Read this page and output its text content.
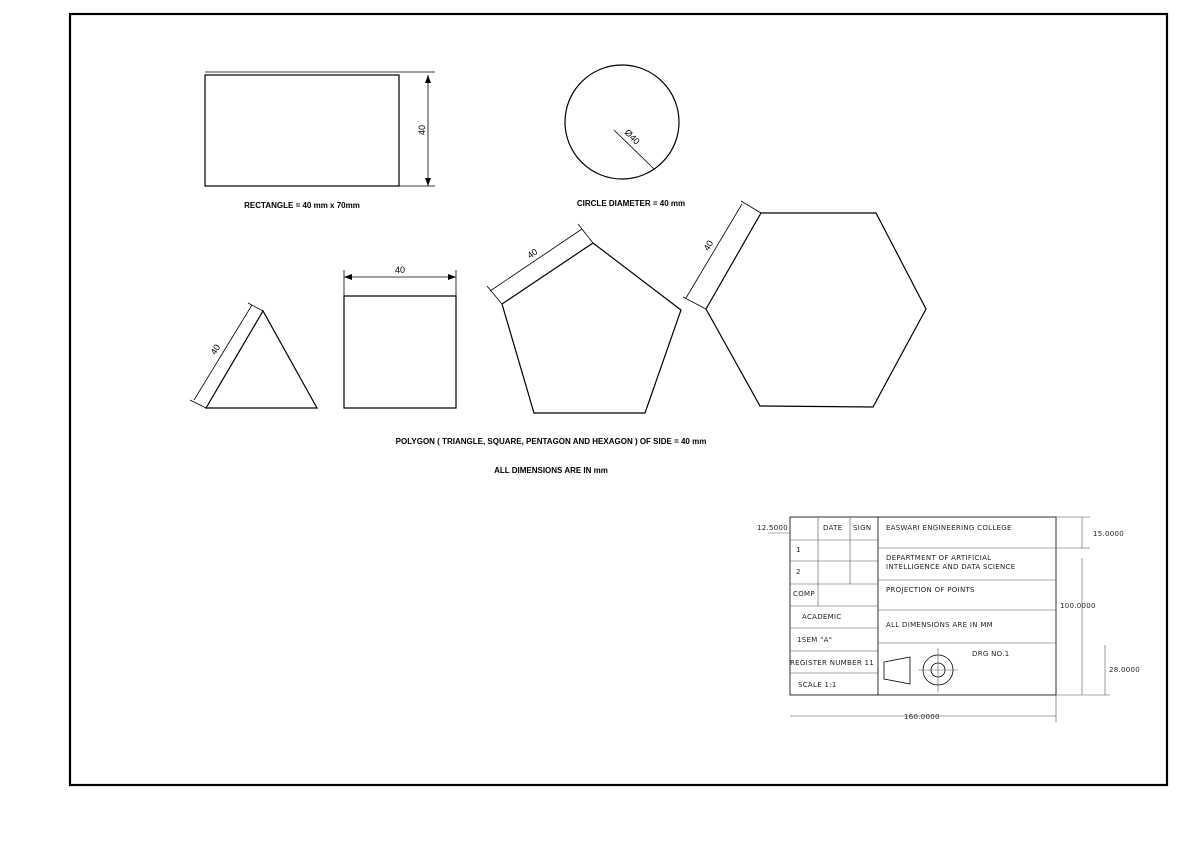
40
RECTANGLE = 40 mm x 70mm
Ø40
CIRCLE DIAMETER = 40 mm
40
40
40
40
POLYGON ( TRIANGLE, SQUARE, PENTAGON AND HEXAGON ) OF SIDE = 40 mm
ALL DIMENSIONS ARE IN mm
12.5000	DATE SIGN
1
2
COMP
ACADEMIC
1SEM "A"
REGISTER NUMBER 11
SCALE 1:1
EASWARI ENGINEERING COLLEGE
DEPARTMENT OF ARTIFICIAL
INTELLIGENCE AND DATA SCIENCE
PROJECTION OF POINTS
ALL DIMENSIONS ARE IN MM
DRG NO.1
15.0000
100.0000
28.0000
160.0000
